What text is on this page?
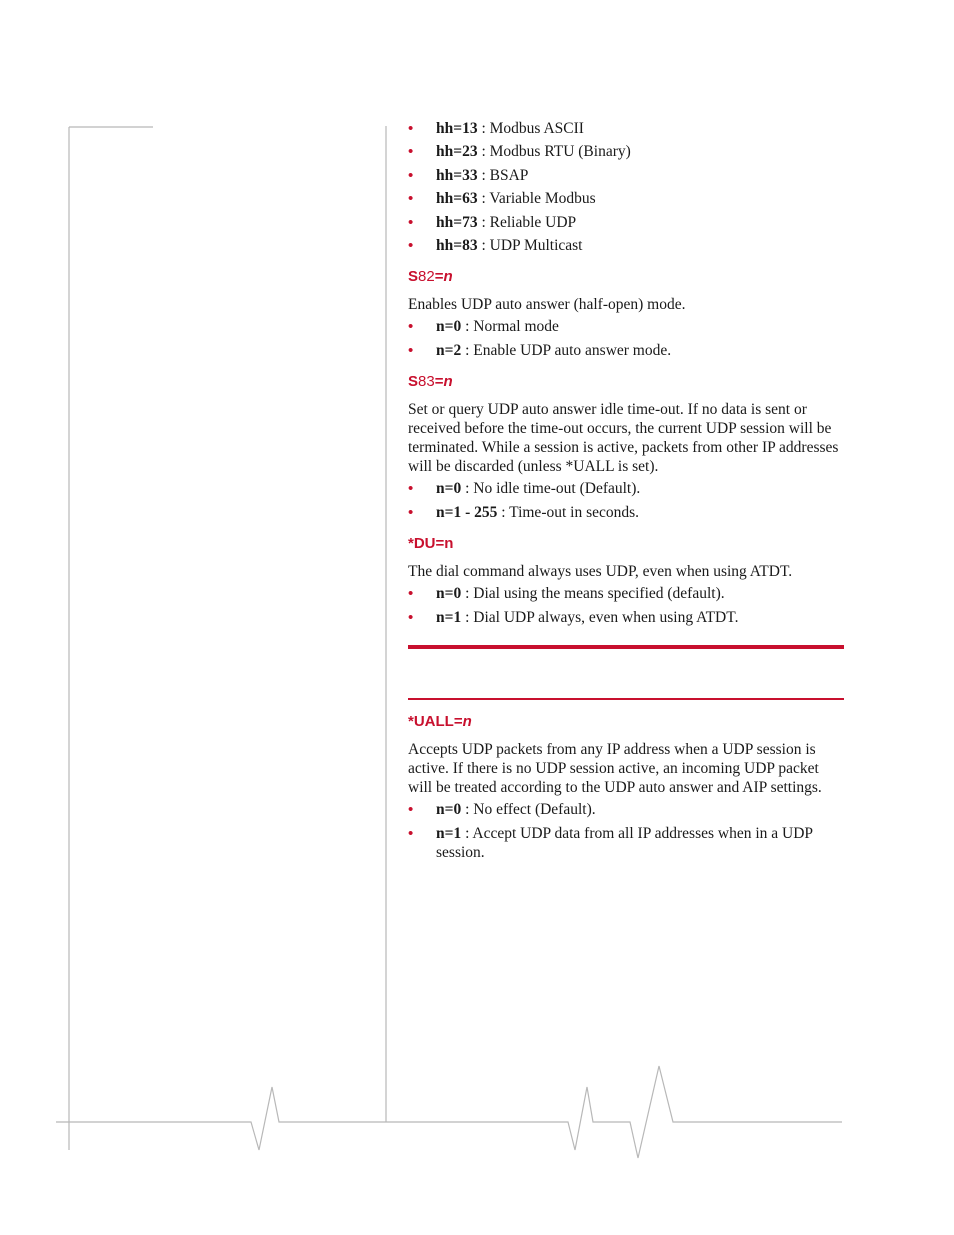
• hh=13 : Modbus ASCII
• hh=23 : Modbus RTU (Binary)
• hh=33 : BSAP
• hh=63 : Variable Modbus
• hh=73 : Reliable UDP
• hh=83 : UDP Multicast
S82=n

Enables UDP auto answer (half-open) mode.

• n=0 : Normal mode
• n=2 : Enable UDP auto answer mode.
S83=n

Set or query UDP auto answer idle time-out. If no data is sent or received before the time-out occurs, the current UDP session will be terminated. While a session is active, packets from other IP addresses will be discarded (unless *UALL is set).

• n=0 : No idle time-out (Default).
• n=1 - 255 : Time-out in seconds.
*DU=n

The dial command always uses UDP, even when using ATDT.

• n=0 : Dial using the means specified (default).
• n=1 : Dial UDP always, even when using ATDT.
*UALL=n

Accepts UDP packets from any IP address when a UDP session is active. If there is no UDP session active, an incoming UDP packet will be treated according to the UDP auto answer and AIP settings.

• n=0 : No effect (Default).
• n=1 : Accept UDP data from all IP addresses when in a UDP session.
